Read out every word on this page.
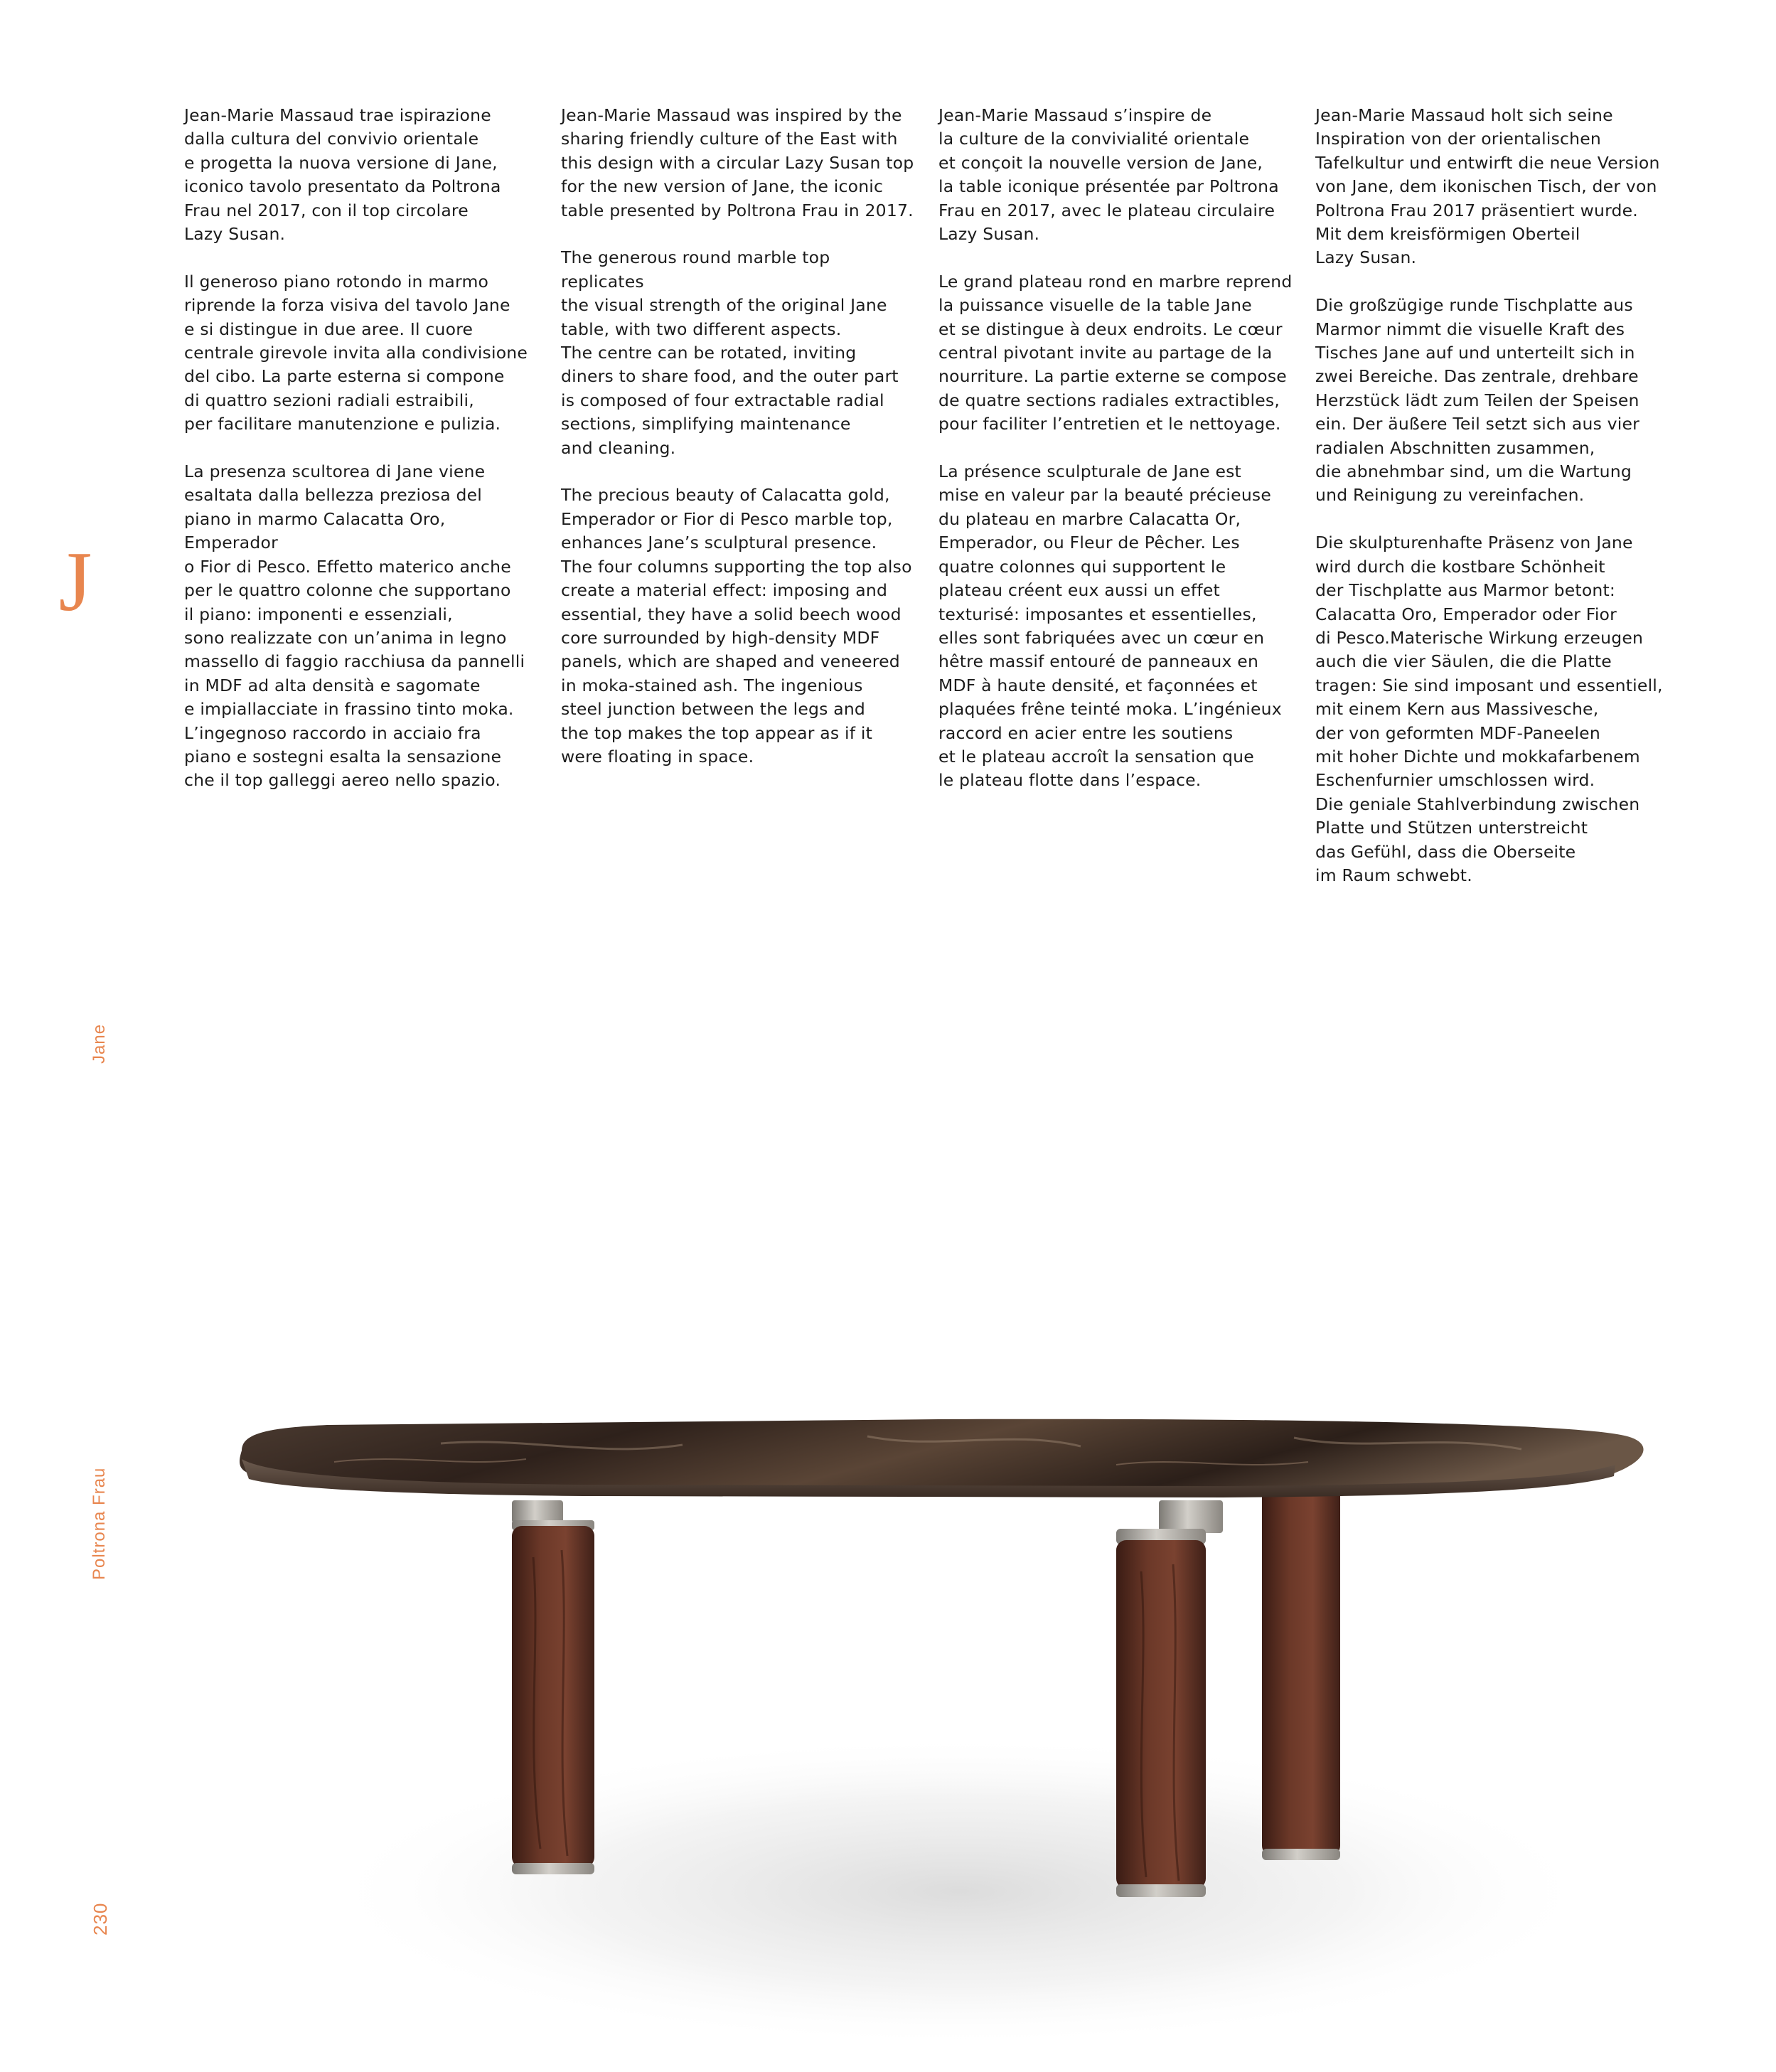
J
Jane
Poltrona Frau
230

Jean-Marie Massaud trae ispirazione
dalla cultura del convivio orientale
e progetta la nuova versione di Jane,
iconico tavolo presentato da Poltrona
Frau nel 2017, con il top circolare
Lazy Susan.

Il generoso piano rotondo in marmo
riprende la forza visiva del tavolo Jane
e si distingue in due aree. Il cuore
centrale girevole invita alla condivisione
del cibo. La parte esterna si compone
di quattro sezioni radiali estraibili,
per facilitare manutenzione e pulizia.

La presenza scultorea di Jane viene
esaltata dalla bellezza preziosa del
piano in marmo Calacatta Oro, Emperador
o Fior di Pesco. Effetto materico anche
per le quattro colonne che supportano
il piano: imponenti e essenziali,
sono realizzate con un’anima in legno
massello di faggio racchiusa da pannelli
in MDF ad alta densità e sagomate
e impiallacciate in frassino tinto moka.
L’ingegnoso raccordo in acciaio fra
piano e sostegni esalta la sensazione
che il top galleggi aereo nello spazio.

Jean-Marie Massaud was inspired by the
sharing friendly culture of the East with
this design with a circular Lazy Susan top
for the new version of Jane, the iconic
table presented by Poltrona Frau in 2017.

The generous round marble top replicates
the visual strength of the original Jane
table, with two different aspects.
The centre can be rotated, inviting
diners to share food, and the outer part
is composed of four extractable radial
sections, simplifying maintenance
and cleaning.

The precious beauty of Calacatta gold,
Emperador or Fior di Pesco marble top,
enhances Jane’s sculptural presence.
The four columns supporting the top also
create a material effect: imposing and
essential, they have a solid beech wood
core surrounded by high-density MDF
panels, which are shaped and veneered
in moka-stained ash. The ingenious
steel junction between the legs and
the top makes the top appear as if it
were floating in space.

Jean-Marie Massaud s’inspire de
la culture de la convivialité orientale
et conçoit la nouvelle version de Jane,
la table iconique présentée par Poltrona
Frau en 2017, avec le plateau circulaire
Lazy Susan.

Le grand plateau rond en marbre reprend
la puissance visuelle de la table Jane
et se distingue à deux endroits. Le cœur
central pivotant invite au partage de la
nourriture. La partie externe se compose
de quatre sections radiales extractibles,
pour faciliter l’entretien et le nettoyage.

La présence sculpturale de Jane est
mise en valeur par la beauté précieuse
du plateau en marbre Calacatta Or,
Emperador, ou Fleur de Pêcher. Les
quatre colonnes qui supportent le
plateau créent eux aussi un effet
texturisé: imposantes et essentielles,
elles sont fabriquées avec un cœur en
hêtre massif entouré de panneaux en
MDF à haute densité, et façonnées et
plaquées frêne teinté moka. L’ingénieux
raccord en acier entre les soutiens
et le plateau accroît la sensation que
le plateau flotte dans l’espace.

Jean-Marie Massaud holt sich seine
Inspiration von der orientalischen
Tafelkultur und entwirft die neue Version
von Jane, dem ikonischen Tisch, der von
Poltrona Frau 2017 präsentiert wurde.
Mit dem kreisförmigen Oberteil
Lazy Susan.

Die großzügige runde Tischplatte aus
Marmor nimmt die visuelle Kraft des
Tisches Jane auf und unterteilt sich in
zwei Bereiche. Das zentrale, drehbare
Herzstück lädt zum Teilen der Speisen
ein. Der äußere Teil setzt sich aus vier
radialen Abschnitten zusammen,
die abnehmbar sind, um die Wartung
und Reinigung zu vereinfachen.

Die skulpturenhafte Präsenz von Jane
wird durch die kostbare Schönheit
der Tischplatte aus Marmor betont:
Calacatta Oro, Emperador oder Fior
di Pesco.Materische Wirkung erzeugen
auch die vier Säulen, die die Platte
tragen: Sie sind imposant und essentiell,
mit einem Kern aus Massivesche,
der von geformten MDF-Paneelen
mit hoher Dichte und mokkafarbenem
Eschenfurnier umschlossen wird.
Die geniale Stahlverbindung zwischen
Platte und Stützen unterstreicht
das Gefühl, dass die Oberseite
im Raum schwebt.
